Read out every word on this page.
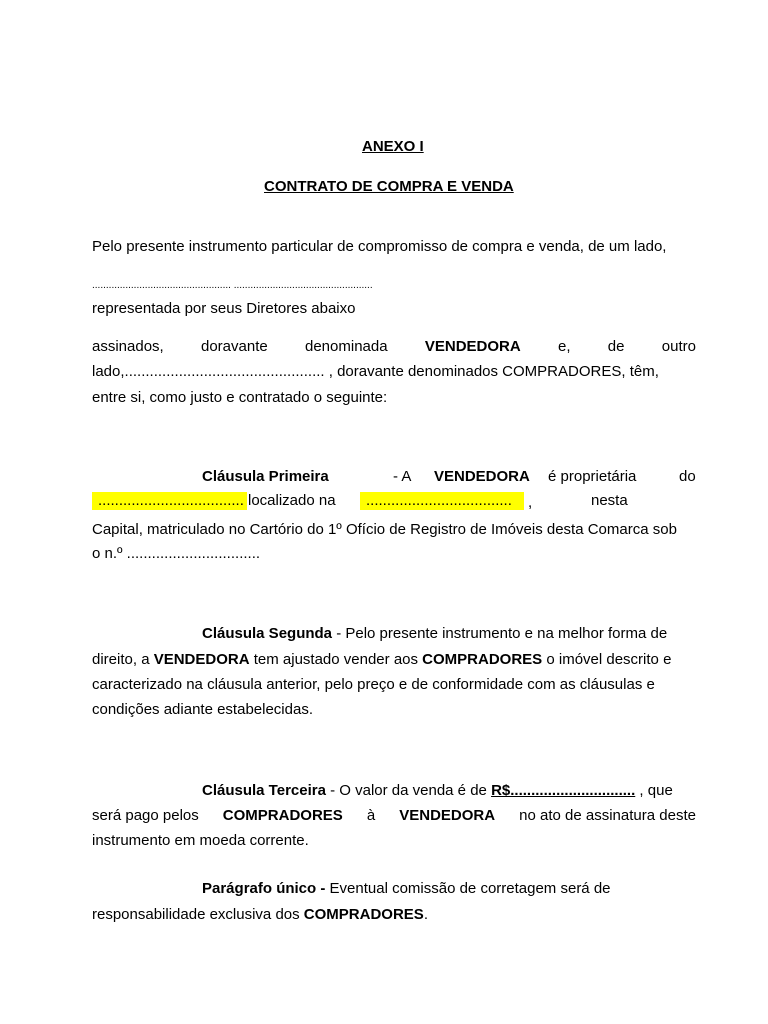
ANEXO I
CONTRATO DE COMPRA E VENDA
Pelo presente instrumento particular de compromisso de compra e venda, de um lado,
.................................................. ..................................................
representada por seus Diretores abaixo
assinados, doravante denominada VENDEDORA e, de outro
lado,................................................ , doravante denominados COMPRADORES, têm,
entre si, como justo e contratado o seguinte:
Cláusula Primeira	- A VENDEDORA é proprietária	do
................................... localizado na	...................................	,	nesta
Capital, matriculado no Cartório do 1º Ofício de Registro de Imóveis desta Comarca sob
o n.º ................................
Cláusula Segunda - Pelo presente instrumento e na melhor forma de
direito, a VENDEDORA tem ajustado vender aos COMPRADORES o imóvel descrito e
caracterizado na cláusula anterior, pelo preço e de conformidade com as cláusulas e
condições adiante estabelecidas.
Cláusula Terceira - O valor da venda é de R$.............................. , que
será pago pelos COMPRADORES à VENDEDORA no ato de assinatura deste
instrumento em moeda corrente.
Parágrafo único - Eventual comissão de corretagem será de
responsabilidade exclusiva dos COMPRADORES.
